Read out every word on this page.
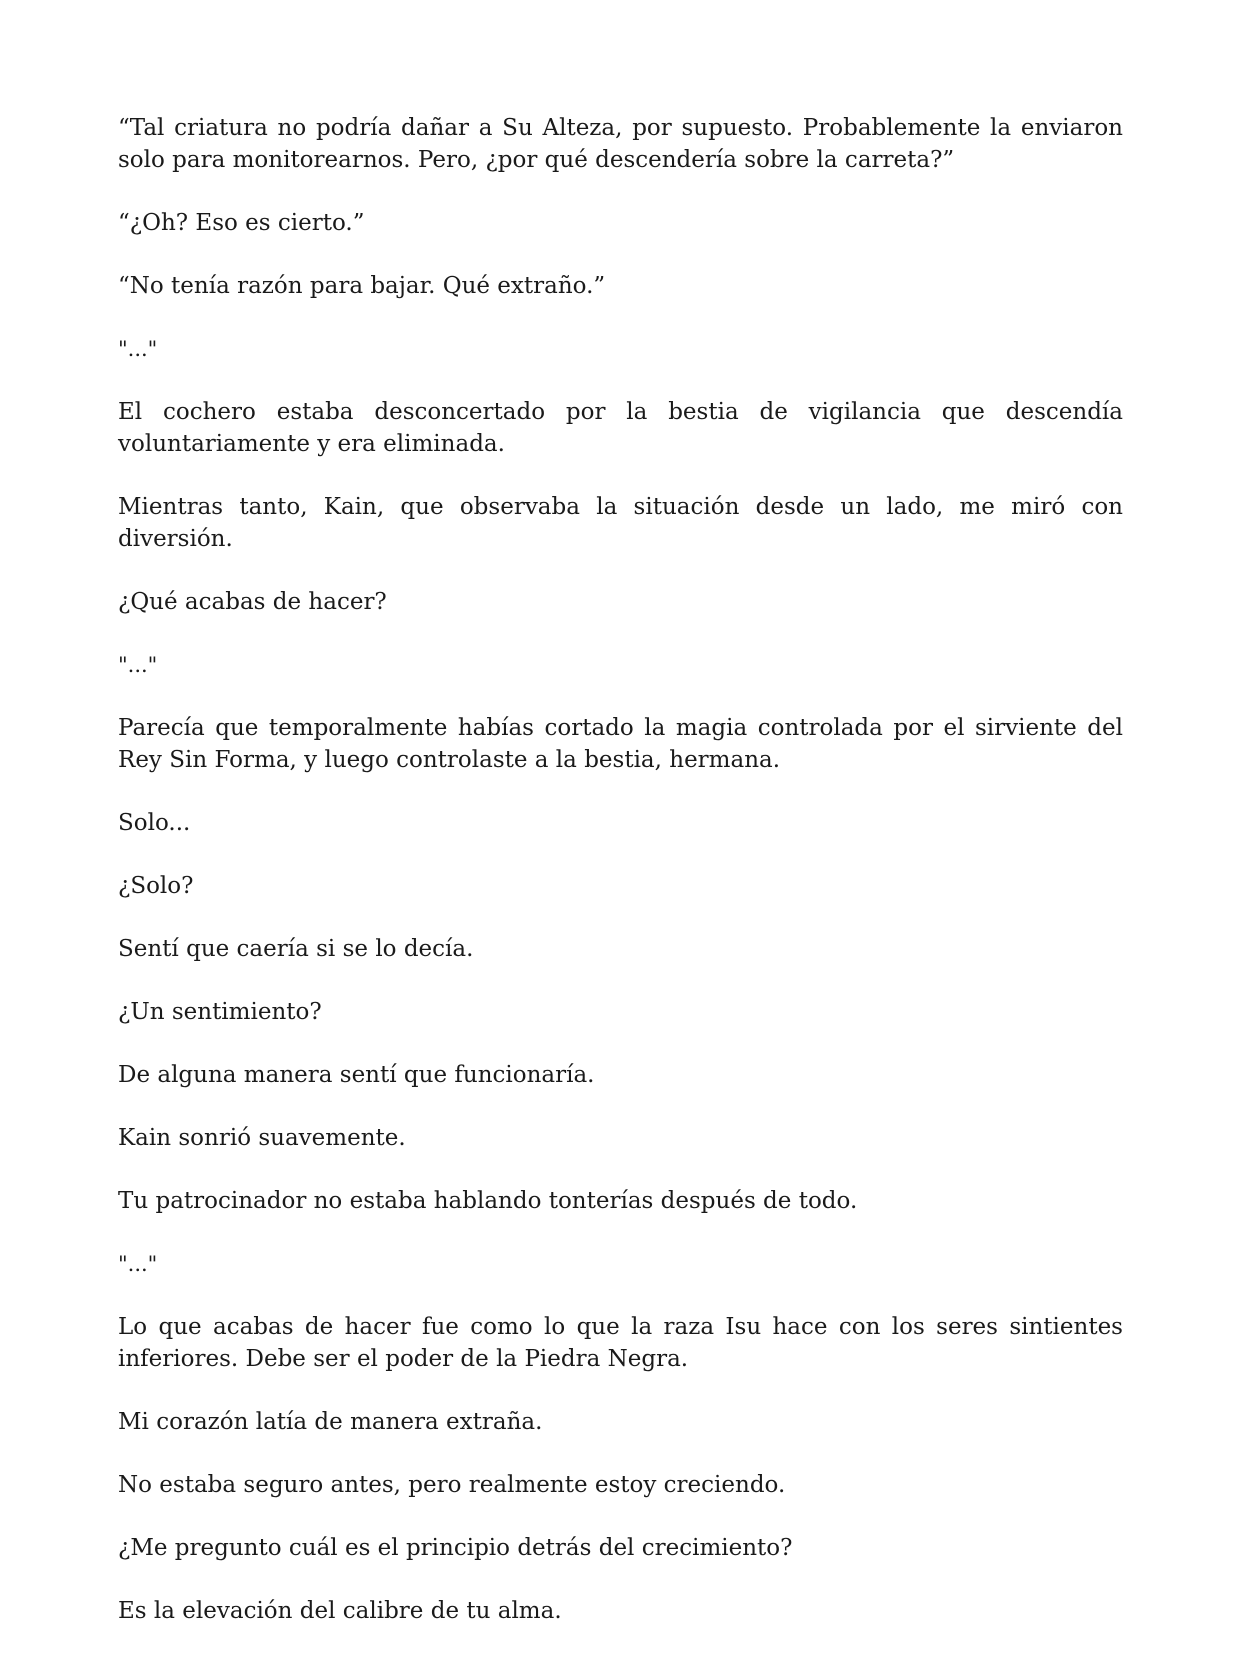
“Tal criatura no podría dañar a Su Alteza, por supuesto. Probablemente la enviaron solo para monitorearnos. Pero, ¿por qué descendería sobre la carreta?”

“¿Oh? Eso es cierto.”

“No tenía razón para bajar. Qué extraño.”

"..."

El cochero estaba desconcertado por la bestia de vigilancia que descendía voluntariamente y era eliminada.

Mientras tanto, Kain, que observaba la situación desde un lado, me miró con diversión.

¿Qué acabas de hacer?

"..."

Parecía que temporalmente habías cortado la magia controlada por el sirviente del Rey Sin Forma, y luego controlaste a la bestia, hermana.

Solo...

¿Solo?

Sentí que caería si se lo decía.

¿Un sentimiento?

De alguna manera sentí que funcionaría.

Kain sonrió suavemente.

Tu patrocinador no estaba hablando tonterías después de todo.

"..."

Lo que acabas de hacer fue como lo que la raza Isu hace con los seres sintientes inferiores. Debe ser el poder de la Piedra Negra.

Mi corazón latía de manera extraña.

No estaba seguro antes, pero realmente estoy creciendo.

¿Me pregunto cuál es el principio detrás del crecimiento?

Es la elevación del calibre de tu alma.
